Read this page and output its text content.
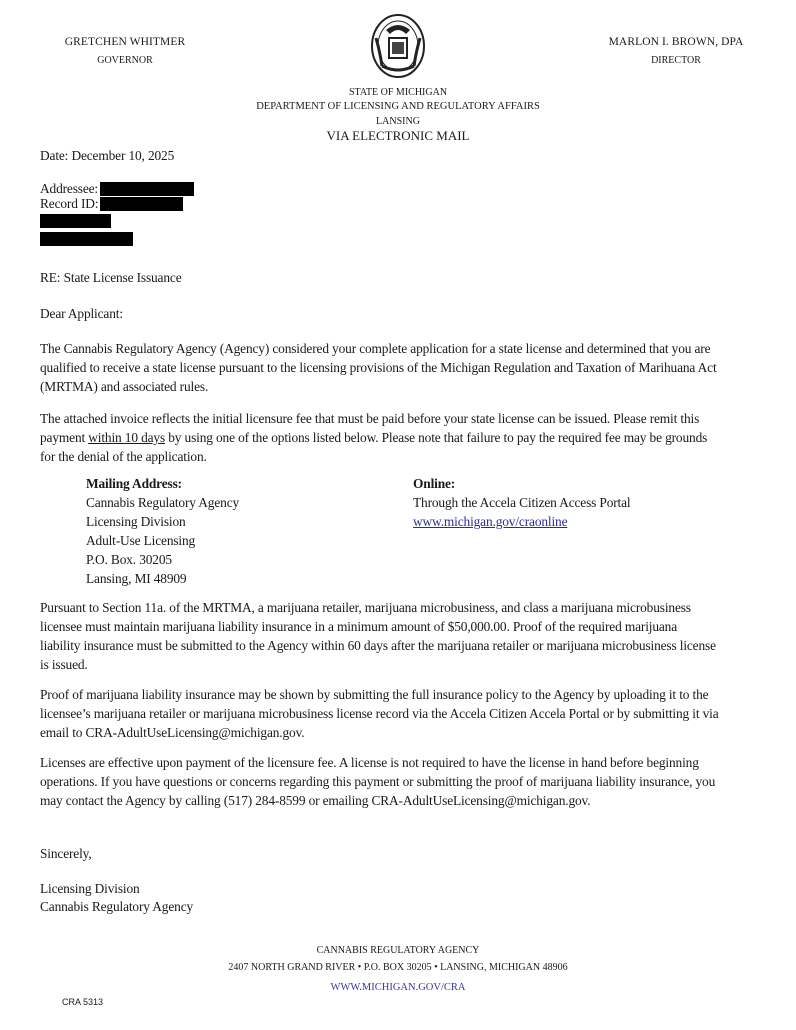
GRETCHEN WHITMER
GOVERNOR
MARLON I. BROWN, DPA
DIRECTOR
STATE OF MICHIGAN
DEPARTMENT OF LICENSING AND REGULATORY AFFAIRS
LANSING
VIA ELECTRONIC MAIL
Date: December 10, 2025
Addressee:
Record ID:
RE: State License Issuance
Dear Applicant:
The Cannabis Regulatory Agency (Agency) considered your complete application for a state license and determined that you are qualified to receive a state license pursuant to the licensing provisions of the Michigan Regulation and Taxation of Marihuana Act (MRTMA) and associated rules.
The attached invoice reflects the initial licensure fee that must be paid before your state license can be issued. Please remit this payment within 10 days by using one of the options listed below. Please note that failure to pay the required fee may be grounds for the denial of the application.
Mailing Address:
Cannabis Regulatory Agency
Licensing Division
Adult-Use Licensing
P.O. Box. 30205
Lansing, MI 48909
Online:
Through the Accela Citizen Access Portal
www.michigan.gov/craonline
Pursuant to Section 11a. of the MRTMA, a marijuana retailer, marijuana microbusiness, and class a marijuana microbusiness licensee must maintain marijuana liability insurance in a minimum amount of $50,000.00. Proof of the required marijuana liability insurance must be submitted to the Agency within 60 days after the marijuana retailer or marijuana microbusiness license is issued.
Proof of marijuana liability insurance may be shown by submitting the full insurance policy to the Agency by uploading it to the licensee’s marijuana retailer or marijuana microbusiness license record via the Accela Citizen Accela Portal or by submitting it via email to CRA-AdultUseLicensing@michigan.gov.
Licenses are effective upon payment of the licensure fee. A license is not required to have the license in hand before beginning operations. If you have questions or concerns regarding this payment or submitting the proof of marijuana liability insurance, you may contact the Agency by calling (517) 284-8599 or emailing CRA-AdultUseLicensing@michigan.gov.
Sincerely,
Licensing Division
Cannabis Regulatory Agency
CANNABIS REGULATORY AGENCY
2407 NORTH GRAND RIVER • P.O. BOX 30205 • LANSING, MICHIGAN 48906
WWW.MICHIGAN.GOV/CRA
CRA 5313
